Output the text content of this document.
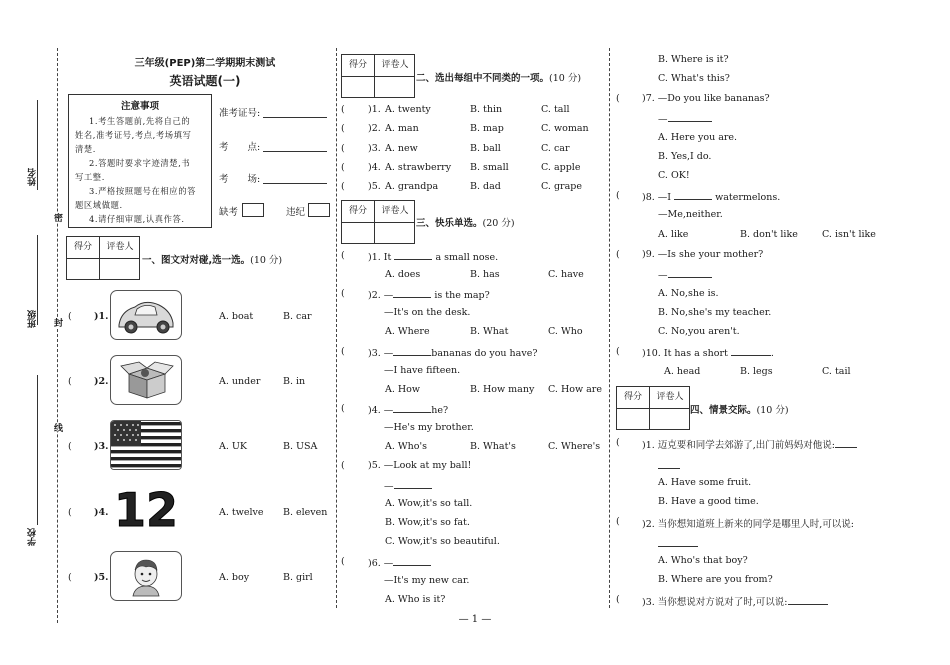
姓名
班级
学校
密
封
线
三年级(PEP)第二学期期末测试
英语试题(一)
注意事项
1.考生答题前,先将自己的
姓名,准考证号,考点,考场填写
清楚.
2.答题时要求字迹清楚,书
写工整.
3.严格按照题号在相应的答
题区域做题.
4.请仔细审题,认真作答.
准考证号:
考　　点:
考　　场:
缺考	违纪
得分	评卷人
一、图文对对碰,选一选。(10 分)
得分	评卷人
二、选出每组中不同类的一项。(10 分)
得分	评卷人
三、快乐单选。(20 分)
得分	评卷人
四、情景交际。(10 分)
( )1.	A. boat	B. car
( )2.	A. under B. in
( )3.	A. UK	B. USA
( )4. 12	A. twelve B. eleven
( )5.	A. boy	B. girl
( )1. A. twenty	B. thin	C. tall
( )2. A. man	B. map	C. woman
( )3. A. new	B. ball	C. car
( )4. A. strawberry B. small	C. apple
( )5. A. grandpa	B. dad	C. grape
( )1. It	a small nose.
A. does	B. has	C. have
( )2. —	is the map?
—It's on the desk.
A. Where	B. What	C. Who
( )3. —	bananas do you have?
—I have fifteen.
A. How	B. How many C. How are
( )4. —	he?
—He's my brother.
A. Who's	B. What's	C. Where's
( )5. —Look at my ball!
—
A. Wow,it's so tall.
B. Wow,it's so fat.
C. Wow,it's so beautiful.
( )6. —
—It's my new car.
A. Who is it?
B. Where is it?
C. What's this?
( )7. —Do you like bananas?
—
A. Here you are.
B. Yes,I do.
C. OK!
( )8. —I	watermelons.
—Me,neither.
A. like	B. don't like	C. isn't like
( )9. —Is she your mother?
—
A. No,she is.
B. No,she's my teacher.
C. No,you aren't.
( )10. It has a short	.
A. head	B. legs	C. tail
( )1. 迈克要和同学去郊游了,出门前妈妈对他说:
A. Have some fruit.
B. Have a good time.
( )2. 当你想知道班上新来的同学是哪里人时,可以说:
A. Who's that boy?
B. Where are you from?
( )3. 当你想说对方说对了时,可以说:
— 1 —
